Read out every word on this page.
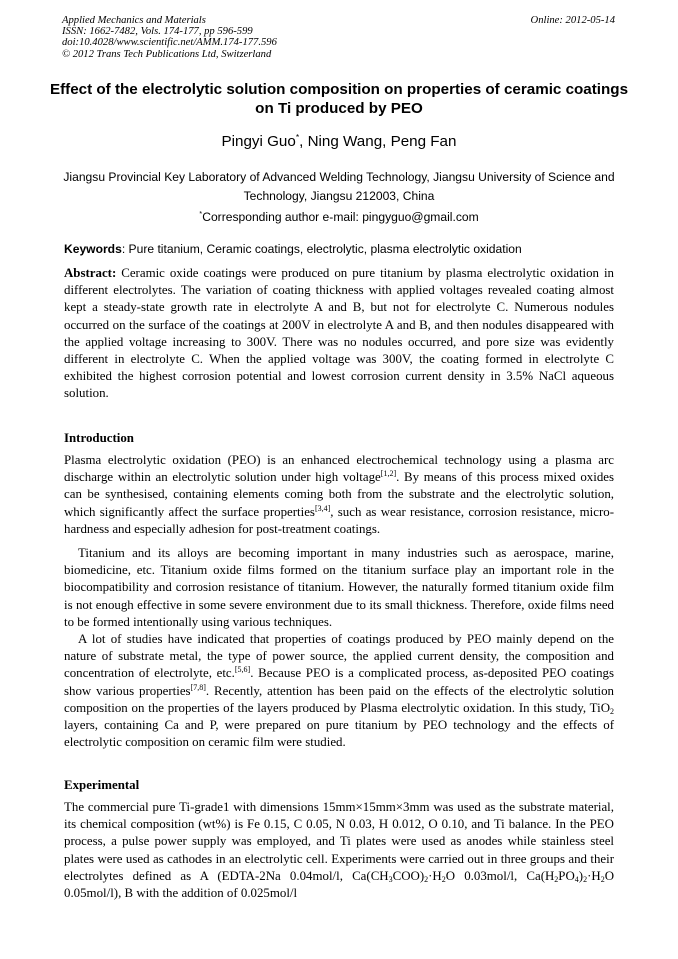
Applied Mechanics and Materials
ISSN: 1662-7482, Vols. 174-177, pp 596-599
doi:10.4028/www.scientific.net/AMM.174-177.596
© 2012 Trans Tech Publications Ltd, Switzerland
Online: 2012-05-14
Effect of the electrolytic solution composition on properties of ceramic coatings on Ti produced by PEO
Pingyi Guo*, Ning Wang, Peng Fan
Jiangsu Provincial Key Laboratory of Advanced Welding Technology, Jiangsu University of Science and Technology, Jiangsu 212003, China
*Corresponding author e-mail: pingyguo@gmail.com
Keywords: Pure titanium, Ceramic coatings, electrolytic, plasma electrolytic oxidation

Abstract: Ceramic oxide coatings were produced on pure titanium by plasma electrolytic oxidation in different electrolytes. The variation of coating thickness with applied voltages revealed coating almost kept a steady-state growth rate in electrolyte A and B, but not for electrolyte C. Numerous nodules occurred on the surface of the coatings at 200V in electrolyte A and B, and then nodules disappeared with the applied voltage increasing to 300V. There was no nodules occurred, and pore size was evidently different in electrolyte C. When the applied voltage was 300V, the coating formed in electrolyte C exhibited the highest corrosion potential and lowest corrosion current density in 3.5% NaCl aqueous solution.

Introduction

Plasma electrolytic oxidation (PEO) is an enhanced electrochemical technology using a plasma arc discharge within an electrolytic solution under high voltage[1,2]. By means of this process mixed oxides can be synthesised, containing elements coming both from the substrate and the electrolytic solution, which significantly affect the surface properties[3,4], such as wear resistance, corrosion resistance, micro-hardness and especially adhesion for post-treatment coatings.

Titanium and its alloys are becoming important in many industries such as aerospace, marine, biomedicine, etc. Titanium oxide films formed on the titanium surface play an important role in the biocompatibility and corrosion resistance of titanium. However, the naturally formed titanium oxide film is not enough effective in some severe environment due to its small thickness. Therefore, oxide films need to be formed intentionally using various techniques.

A lot of studies have indicated that properties of coatings produced by PEO mainly depend on the nature of substrate metal, the type of power source, the applied current density, the composition and concentration of electrolyte, etc.[5,6]. Because PEO is a complicated process, as-deposited PEO coatings show various properties[7,8]. Recently, attention has been paid on the effects of the electrolytic solution composition on the properties of the layers produced by Plasma electrolytic oxidation. In this study, TiO$_2$ layers, containing Ca and P, were prepared on pure titanium by PEO technology and the effects of electrolytic composition on ceramic film were studied.

Experimental

The commercial pure Ti-grade1 with dimensions 15mm×15mm×3mm was used as the substrate material, its chemical composition (wt%) is Fe 0.15, C 0.05, N 0.03, H 0.012, O 0.10, and Ti balance. In the PEO process, a pulse power supply was employed, and Ti plates were used as anodes while stainless steel plates were used as cathodes in an electrolytic cell. Experiments were carried out in three groups and their electrolytes defined as A (EDTA-2Na 0.04mol/l, $Ca(CH_3COO)_2\cdot H_2O$ 0.03mol/l, $Ca(H_2PO_4)_2\cdot H_2O$ 0.05mol/l), B with the addition of 0.025mol/l
